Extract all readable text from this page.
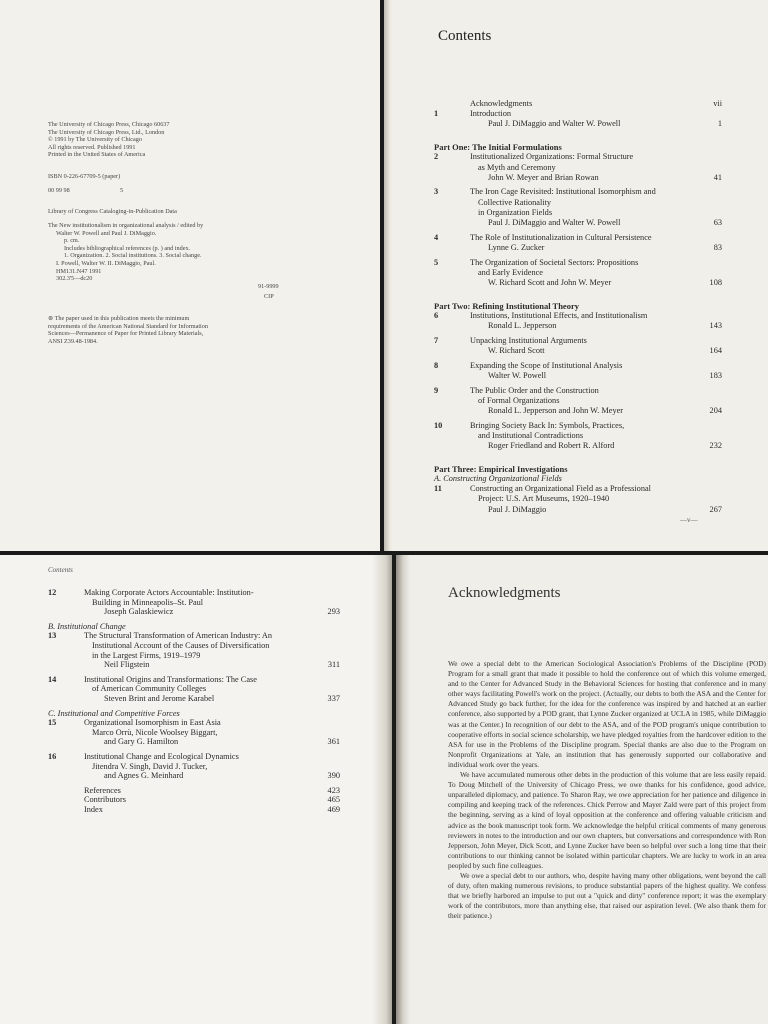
The University of Chicago Press, Chicago 60637
The University of Chicago Press, Ltd., London
© 1991 by The University of Chicago
All rights reserved. Published 1991
Printed in the United States of America
ISBN 0-226-67709-5 (paper)
00 99 98	5
Library of Congress Cataloging-in-Publication Data
The New institutionalism in organizational analysis / edited by
Walter W. Powell and Paul J. DiMaggio.
p. cm.
Includes bibliographical references (p. ) and index.
1. Organization. 2. Social institutions. 3. Social change.
I. Powell, Walter W. II. DiMaggio, Paul.
HM131.N47 1991
302.3'5—dc20
91-9999
CIP
⊚ The paper used in this publication meets the minimum
requirements of the American National Standard for Information
Sciences—Permanence of Paper for Printed Library Materials,
ANSI Z39.48-1984.
Contents
Acknowledgments	vii
1	Introduction
Paul J. DiMaggio and Walter W. Powell	1
Part One: The Initial Formulations
2	Institutionalized Organizations: Formal Structure
as Myth and Ceremony
John W. Meyer and Brian Rowan	41
3	The Iron Cage Revisited: Institutional Isomorphism and
Collective Rationality
in Organization Fields
Paul J. DiMaggio and Walter W. Powell	63
4	The Role of Institutionalization in Cultural Persistence
Lynne G. Zucker	83
5	The Organization of Societal Sectors: Propositions
and Early Evidence
W. Richard Scott and John W. Meyer	108
Part Two: Refining Institutional Theory
6	Institutions, Institutional Effects, and Institutionalism
Ronald L. Jepperson	143
7	Unpacking Institutional Arguments
W. Richard Scott	164
8	Expanding the Scope of Institutional Analysis
Walter W. Powell	183
9	The Public Order and the Construction
of Formal Organizations
Ronald L. Jepperson and John W. Meyer	204
10	Bringing Society Back In: Symbols, Practices,
and Institutional Contradictions
Roger Friedland and Robert R. Alford	232
Part Three: Empirical Investigations
A. Constructing Organizational Fields
11	Constructing an Organizational Field as a Professional
Project: U.S. Art Museums, 1920–1940
Paul J. DiMaggio	267
—v—
Contents
12	Making Corporate Actors Accountable: Institution-
Building in Minneapolis–St. Paul
Joseph Galaskiewicz	293
B. Institutional Change
13	The Structural Transformation of American Industry: An
Institutional Account of the Causes of Diversification
in the Largest Firms, 1919–1979
Neil Fligstein	311
14	Institutional Origins and Transformations: The Case
of American Community Colleges
Steven Brint and Jerome Karabel	337
C. Institutional and Competitive Forces
15	Organizational Isomorphism in East Asia
Marco Orrù, Nicole Woolsey Biggart,
and Gary G. Hamilton	361
16	Institutional Change and Ecological Dynamics
Jitendra V. Singh, David J. Tucker,
and Agnes G. Meinhard	390
References	423
Contributors	465
Index	469
Acknowledgments

We owe a special debt to the American Sociological Association's Problems of the Discipline (POD) Program for a small grant that made it possible to hold the conference out of which this volume emerged, and to the Center for Advanced Study in the Behavioral Sciences for hosting that conference and in many other ways facilitating Powell's work on the project. (Actually, our debts to both the ASA and the Center for Advanced Study go back further, for the idea for the conference was inspired by and hatched at an earlier conference, also supported by a POD grant, that Lynne Zucker organized at UCLA in 1985, while DiMaggio was at the Center.) In recognition of our debt to the ASA, and of the POD program's unique contribution to cooperative efforts in social science scholarship, we have pledged royalties from the hardcover edition to the ASA for use in the Problems of the Discipline program. Special thanks are also due to the Program on Nonprofit Organizations at Yale, an institution that has generously supported our collaborative and individual work over the years.

We have accumulated numerous other debts in the production of this volume that are less easily repaid. To Doug Mitchell of the University of Chicago Press, we owe thanks for his confidence, good advice, unparalleled diplomacy, and patience. To Sharon Ray, we owe appreciation for her patience and diligence in compiling and keeping track of the references. Chick Perrow and Mayer Zald were part of this project from the beginning, serving as a kind of loyal opposition at the conference and offering valuable criticism and advice as the book manuscript took form. We acknowledge the helpful critical comments of many generous reviewers in notes to the introduction and our own chapters, but conversations and correspondence with Ron Jepperson, John Meyer, Dick Scott, and Lynne Zucker have been so helpful over such a long time that their contributions to our thinking cannot be isolated within particular chapters. We are lucky to work in an area peopled by such fine colleagues.

We owe a special debt to our authors, who, despite having many other obligations, went beyond the call of duty, often making numerous revisions, to produce substantial papers of the highest quality. We confess that we briefly harbored an impulse to put out a "quick and dirty" conference report; it was the exemplary work of the contributors, more than anything else, that raised our aspiration level. (We also thank them for their patience.)
